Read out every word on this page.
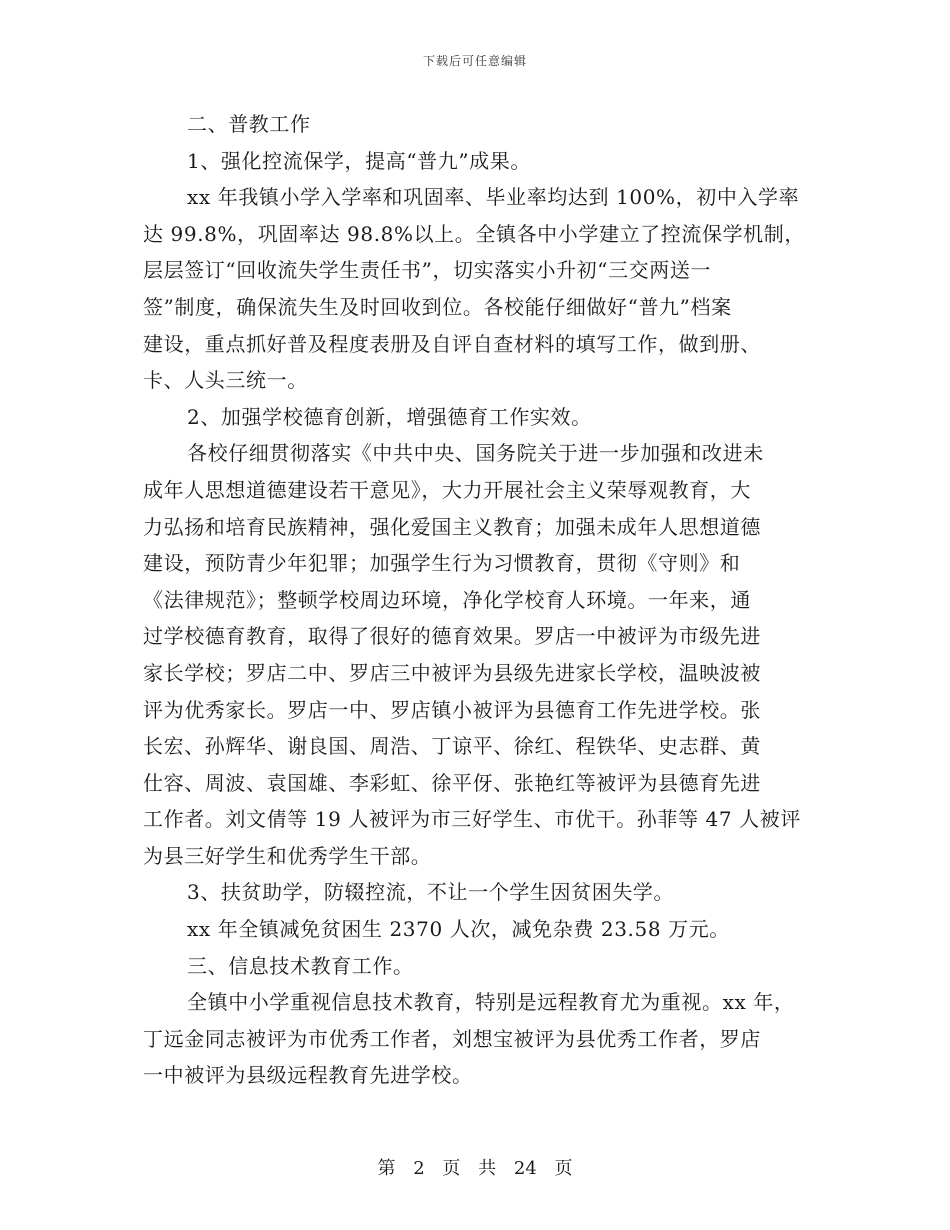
下载后可任意编辑

二、普教工作

1、强化控流保学，提高“普九”成果。

xx 年我镇小学入学率和巩固率、毕业率均达到 100%，初中入学率

达 99.8%，巩固率达 98.8%以上。全镇各中小学建立了控流保学机制，

层层签订“回收流失学生责任书”，切实落实小升初“三交两送一

签”制度，确保流失生及时回收到位。各校能仔细做好“普九”档案

建设，重点抓好普及程度表册及自评自查材料的填写工作，做到册、

卡、人头三统一。

2、加强学校德育创新，增强德育工作实效。

各校仔细贯彻落实《中共中央、国务院关于进一步加强和改进未

成年人思想道德建设若干意见》，大力开展社会主义荣辱观教育，大

力弘扬和培育民族精神，强化爱国主义教育；加强未成年人思想道德

建设，预防青少年犯罪；加强学生行为习惯教育，贯彻《守则》和

《法律规范》；整顿学校周边环境，净化学校育人环境。一年来，通

过学校德育教育，取得了很好的德育效果。罗店一中被评为市级先进

家长学校；罗店二中、罗店三中被评为县级先进家长学校，温映波被

评为优秀家长。罗店一中、罗店镇小被评为县德育工作先进学校。张

长宏、孙辉华、谢良国、周浩、丁谅平、徐红、程铁华、史志群、黄

仕容、周波、袁国雄、李彩虹、徐平伢、张艳红等被评为县德育先进

工作者。刘文倩等 19 人被评为市三好学生、市优干。孙菲等 47 人被评

为县三好学生和优秀学生干部。

3、扶贫助学，防辍控流，不让一个学生因贫困失学。

xx 年全镇减免贫困生 2370 人次，减免杂费 23.58 万元。

三、信息技术教育工作。

全镇中小学重视信息技术教育，特别是远程教育尤为重视。xx 年，

丁远金同志被评为市优秀工作者，刘想宝被评为县优秀工作者，罗店

一中被评为县级远程教育先进学校。

第 2 页 共 24 页
